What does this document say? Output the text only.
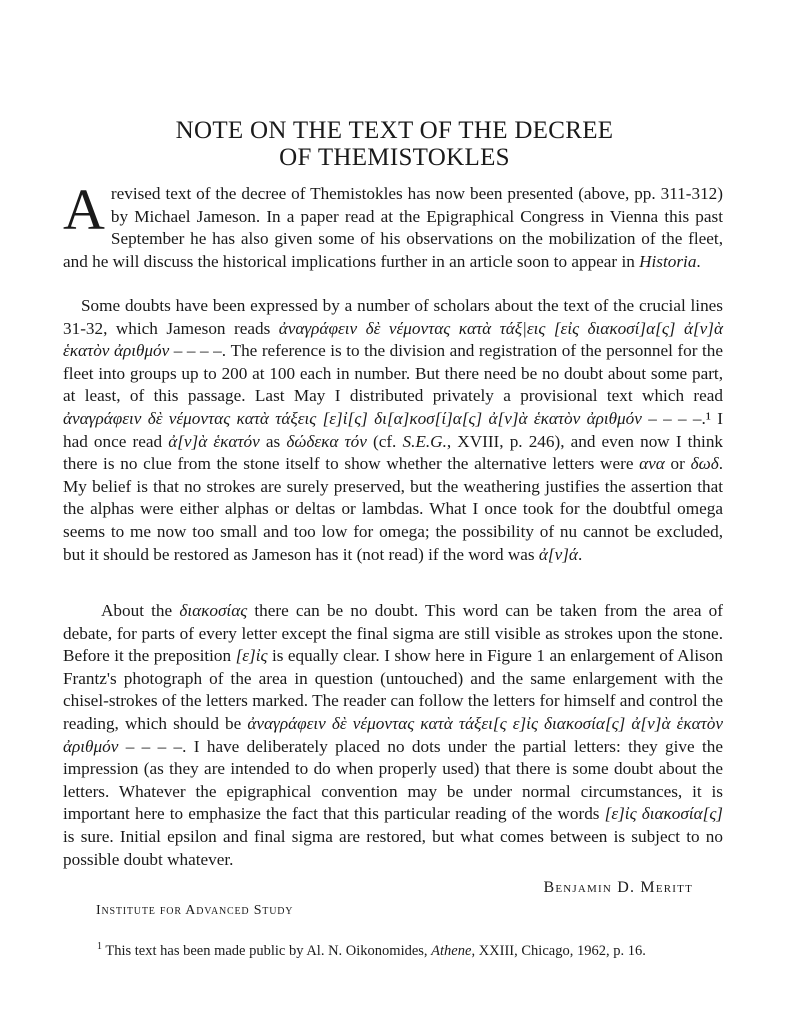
NOTE ON THE TEXT OF THE DECREE
OF THEMISTOKLES
Arevised text of the decree of Themistokles has now been presented (above, pp. 311-312) by Michael Jameson. In a paper read at the Epigraphical Congress in Vienna this past September he has also given some of his observations on the mobilization of the fleet, and he will discuss the historical implications further in an article soon to appear in Historia.
Some doubts have been expressed by a number of scholars about the text of the crucial lines 31-32, which Jameson reads ἀναγράφειν δὲ νέμοντας κατὰ τάξ|εις [εἰς διακοσί]α[ς] ἀ[ν]ὰ ἑκατὸν ἀριθμόν – – – –. The reference is to the division and registration of the personnel for the fleet into groups up to 200 at 100 each in number. But there need be no doubt about some part, at least, of this passage. Last May I distributed privately a provisional text which read ἀναγράφειν δὲ νέμοντας κατὰ τάξεις [ε]ἰ[ς] δι[α]κοσ[ί]α[ς] ἀ[ν]ὰ ἑκατὸν ἀριθμόν – – – –.¹ I had once read ἀ[ν]ὰ ἑκατόν as δώδεκα τόν (cf. S.E.G., XVIII, p. 246), and even now I think there is no clue from the stone itself to show whether the alternative letters were ανα or δωδ. My belief is that no strokes are surely preserved, but the weathering justifies the assertion that the alphas were either alphas or deltas or lambdas. What I once took for the doubtful omega seems to me now too small and too low for omega; the possibility of nu cannot be excluded, but it should be restored as Jameson has it (not read) if the word was ἀ[ν]ά.
About the διακοσίας there can be no doubt. This word can be taken from the area of debate, for parts of every letter except the final sigma are still visible as strokes upon the stone. Before it the preposition [ε]ἰς is equally clear. I show here in Figure 1 an enlargement of Alison Frantz's photograph of the area in question (untouched) and the same enlargement with the chisel-strokes of the letters marked. The reader can follow the letters for himself and control the reading, which should be ἀναγράφειν δὲ νέμοντας κατὰ τάξει[ς ε]ἰς διακοσία[ς] ἀ[ν]ὰ ἑκατὸν ἀριθμόν – – – –. I have deliberately placed no dots under the partial letters: they give the impression (as they are intended to do when properly used) that there is some doubt about the letters. Whatever the epigraphical convention may be under normal circumstances, it is important here to emphasize the fact that this particular reading of the words [ε]ἰς διακοσία[ς] is sure. Initial epsilon and final sigma are restored, but what comes between is subject to no possible doubt whatever.
Benjamin D. Meritt
Institute for Advanced Study
$^1$ This text has been made public by Al. N. Oikonomides, Athene, XXIII, Chicago, 1962, p. 16.
